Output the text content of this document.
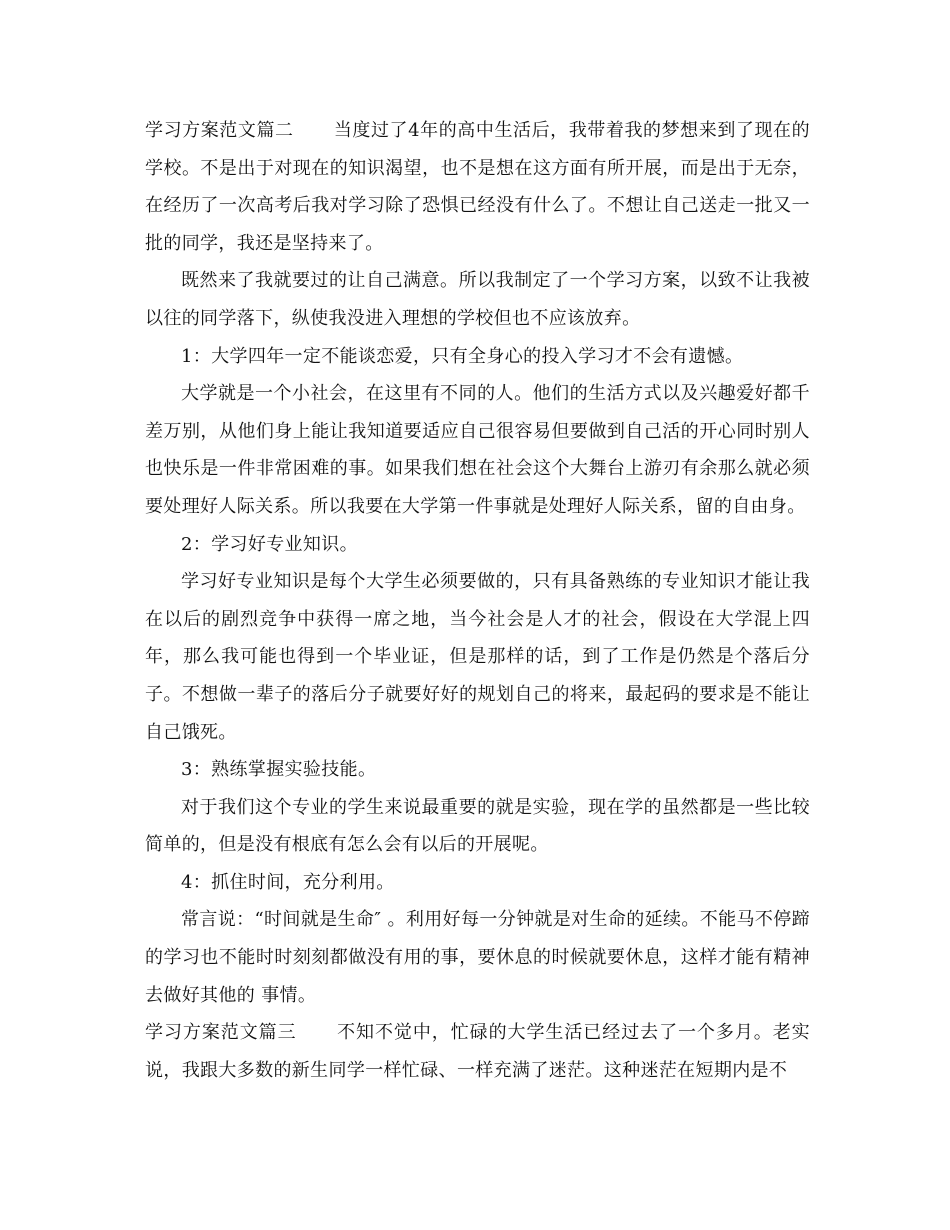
学习方案范文篇二 当度过了4年的高中生活后，我带着我的梦想来到了现在的学校。不是出于对现在的知识渴望，也不是想在这方面有所开展，而是出于无奈，在经历了一次高考后我对学习除了恐惧已经没有什么了。不想让自己送走一批又一批的同学，我还是坚持来了。

既然来了我就要过的让自己满意。所以我制定了一个学习方案，以致不让我被以往的同学落下，纵使我没进入理想的学校但也不应该放弃。

1：大学四年一定不能谈恋爱，只有全身心的投入学习才不会有遗憾。

大学就是一个小社会，在这里有不同的人。他们的生活方式以及兴趣爱好都千差万别，从他们身上能让我知道要适应自己很容易但要做到自己活的开心同时别人也快乐是一件非常困难的事。如果我们想在社会这个大舞台上游刃有余那么就必须要处理好人际关系。所以我要在大学第一件事就是处理好人际关系，留的自由身。

2：学习好专业知识。

学习好专业知识是每个大学生必须要做的，只有具备熟练的专业知识才能让我在以后的剧烈竞争中获得一席之地，当今社会是人才的社会，假设在大学混上四年，那么我可能也得到一个毕业证，但是那样的话，到了工作是仍然是个落后分子。不想做一辈子的落后分子就要好好的规划自己的将来，最起码的要求是不能让自己饿死。

3：熟练掌握实验技能。

对于我们这个专业的学生来说最重要的就是实验，现在学的虽然都是一些比较简单的，但是没有根底有怎么会有以后的开展呢。

4：抓住时间，充分利用。

常言说：“时间就是生命″ 。利用好每一分钟就是对生命的延续。不能马不停蹄的学习也不能时时刻刻都做没有用的事，要休息的时候就要休息，这样才能有精神去做好其他的 事情。

学习方案范文篇三 不知不觉中，忙碌的大学生活已经过去了一个多月。老实说，我跟大多数的新生同学一样忙碌、一样充满了迷茫。这种迷茫在短期内是不
